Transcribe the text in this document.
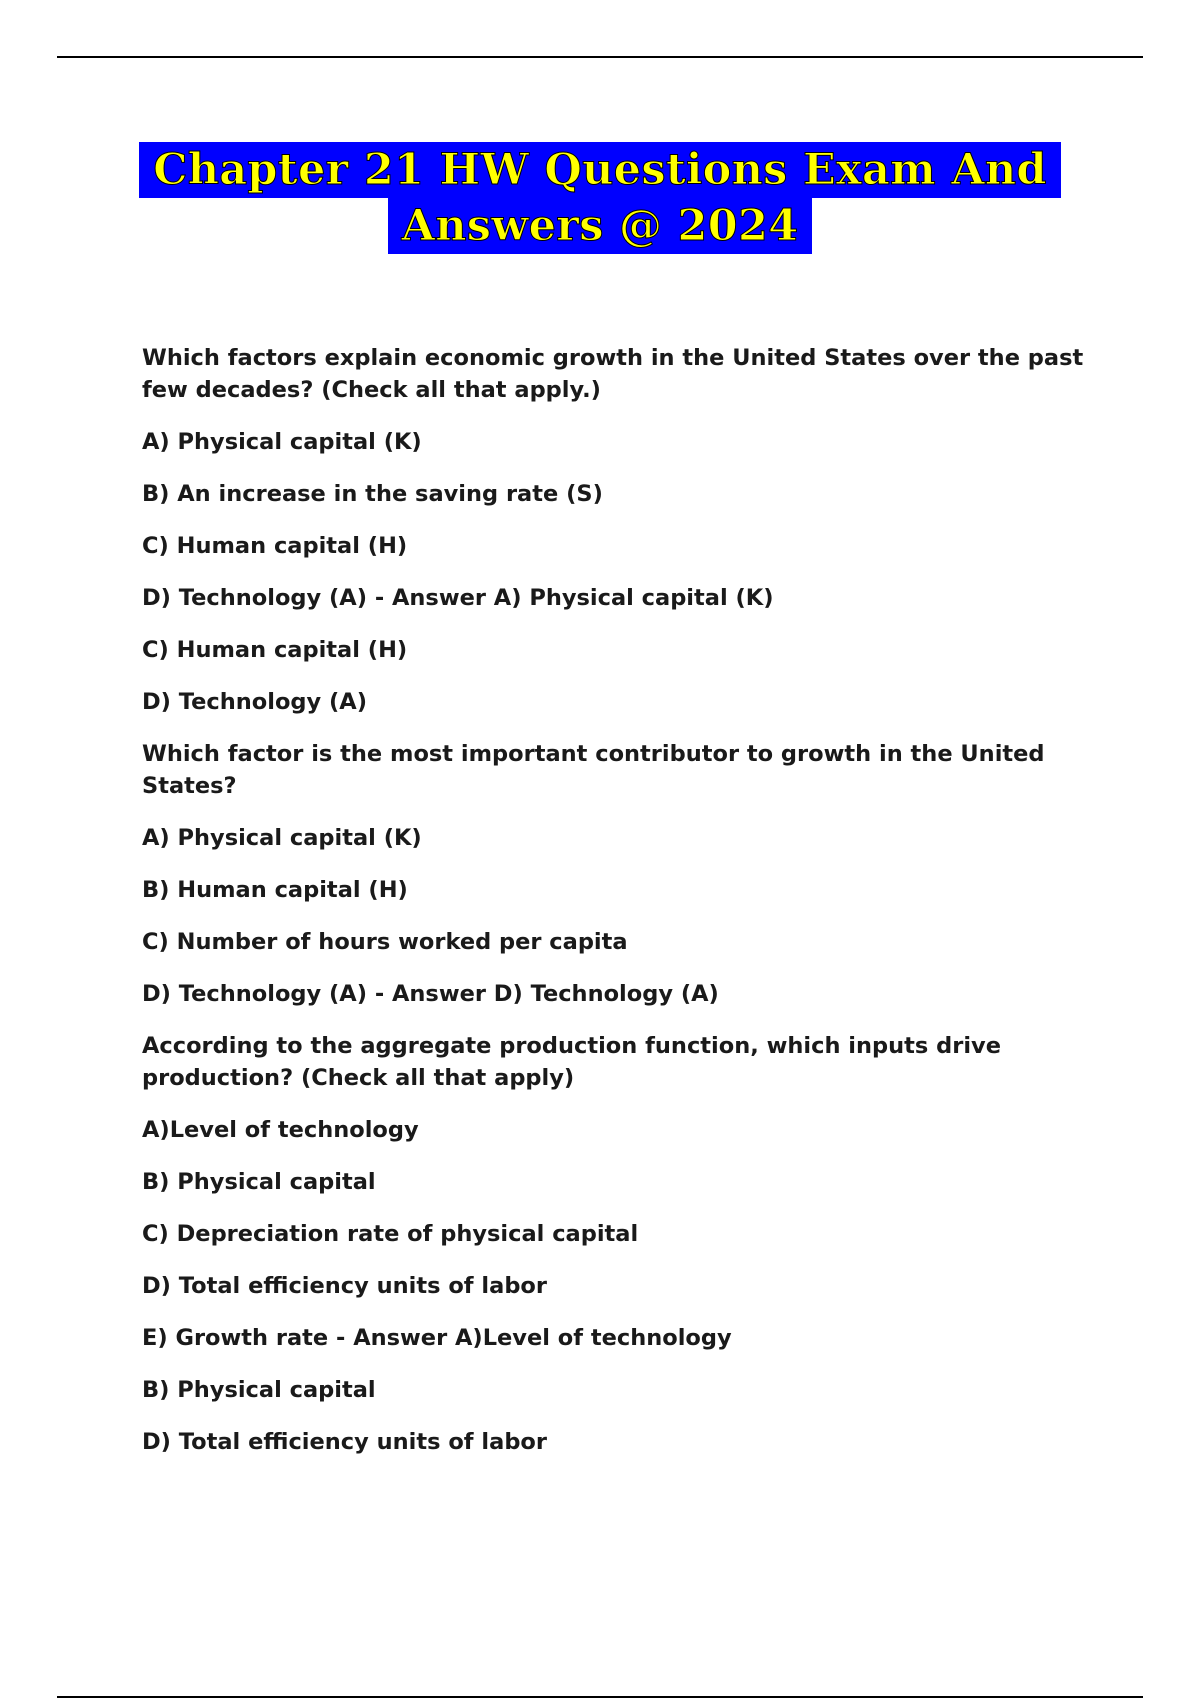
Chapter 21 HW Questions Exam And
Answers @ 2024

Which factors explain economic growth in the United States over the past few decades? (Check all that apply.)

A) Physical capital (K)

B) An increase in the saving rate (S)

C) Human capital (H)

D) Technology (A) - Answer A) Physical capital (K)

C) Human capital (H)

D) Technology (A)

Which factor is the most important contributor to growth in the United States?

A) Physical capital (K)

B) Human capital (H)

C) Number of hours worked per capita

D) Technology (A) - Answer D) Technology (A)

According to the aggregate production function, which inputs drive production? (Check all that apply)

A)Level of technology

B) Physical capital

C) Depreciation rate of physical capital

D) Total efficiency units of labor

E) Growth rate - Answer A)Level of technology

B) Physical capital

D) Total efficiency units of labor
